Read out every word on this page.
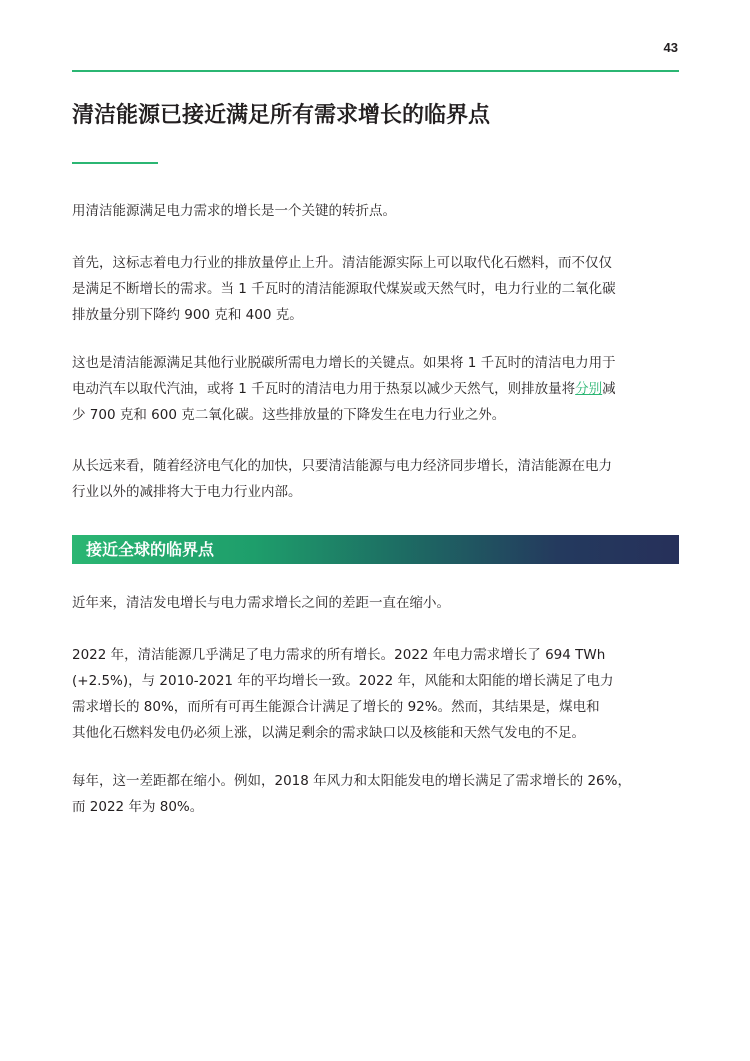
43
清洁能源已接近满足所有需求增长的临界点

用清洁能源满足电力需求的增长是一个关键的转折点。

首先，这标志着电力行业的排放量停止上升。清洁能源实际上可以取代化石燃料，而不仅仅
是满足不断增长的需求。当 1 千瓦时的清洁能源取代煤炭或天然气时，电力行业的二氧化碳
排放量分别下降约 900 克和 400 克。

这也是清洁能源满足其他行业脱碳所需电力增长的关键点。如果将 1 千瓦时的清洁电力用于
电动汽车以取代汽油，或将 1 千瓦时的清洁电力用于热泵以减少天然气，则排放量将分别减
少 700 克和 600 克二氧化碳。这些排放量的下降发生在电力行业之外。

从长远来看，随着经济电气化的加快，只要清洁能源与电力经济同步增长，清洁能源在电力
行业以外的减排将大于电力行业内部。

接近全球的临界点

近年来，清洁发电增长与电力需求增长之间的差距一直在缩小。

2022 年，清洁能源几乎满足了电力需求的所有增长。2022 年电力需求增长了 694 TWh
(+2.5%)，与 2010-2021 年的平均增长一致。2022 年，风能和太阳能的增长满足了电力
需求增长的 80%，而所有可再生能源合计满足了增长的 92%。然而，其结果是，煤电和
其他化石燃料发电仍必须上涨，以满足剩余的需求缺口以及核能和天然气发电的不足。

每年，这一差距都在缩小。例如，2018 年风力和太阳能发电的增长满足了需求增长的 26%，
而 2022 年为 80%。
